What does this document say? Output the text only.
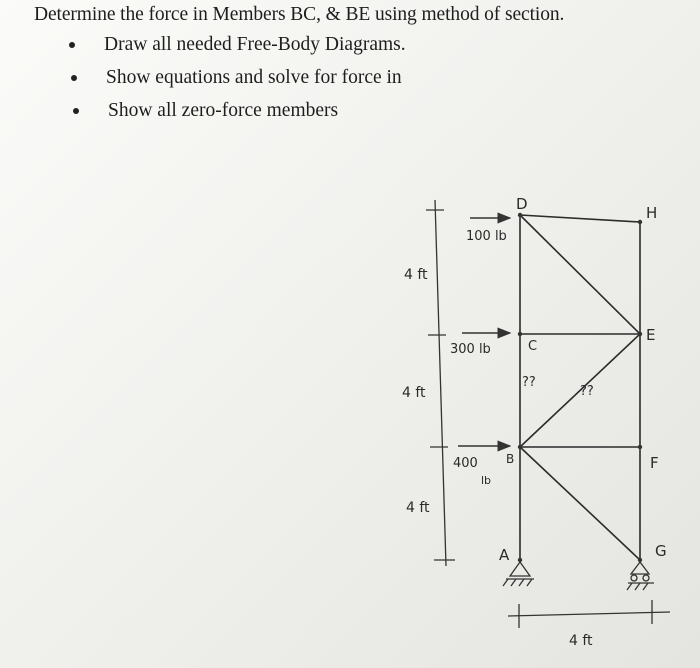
Determine the force in Members BC, & BE using method of section.
Draw all needed Free-Body Diagrams.
Show equations and solve for force in
Show all zero-force members
D	H
C
E
B	F
A	G
100 lb
300 lb
400
lb
4 ft
4 ft
4 ft
4 ft
??
??
